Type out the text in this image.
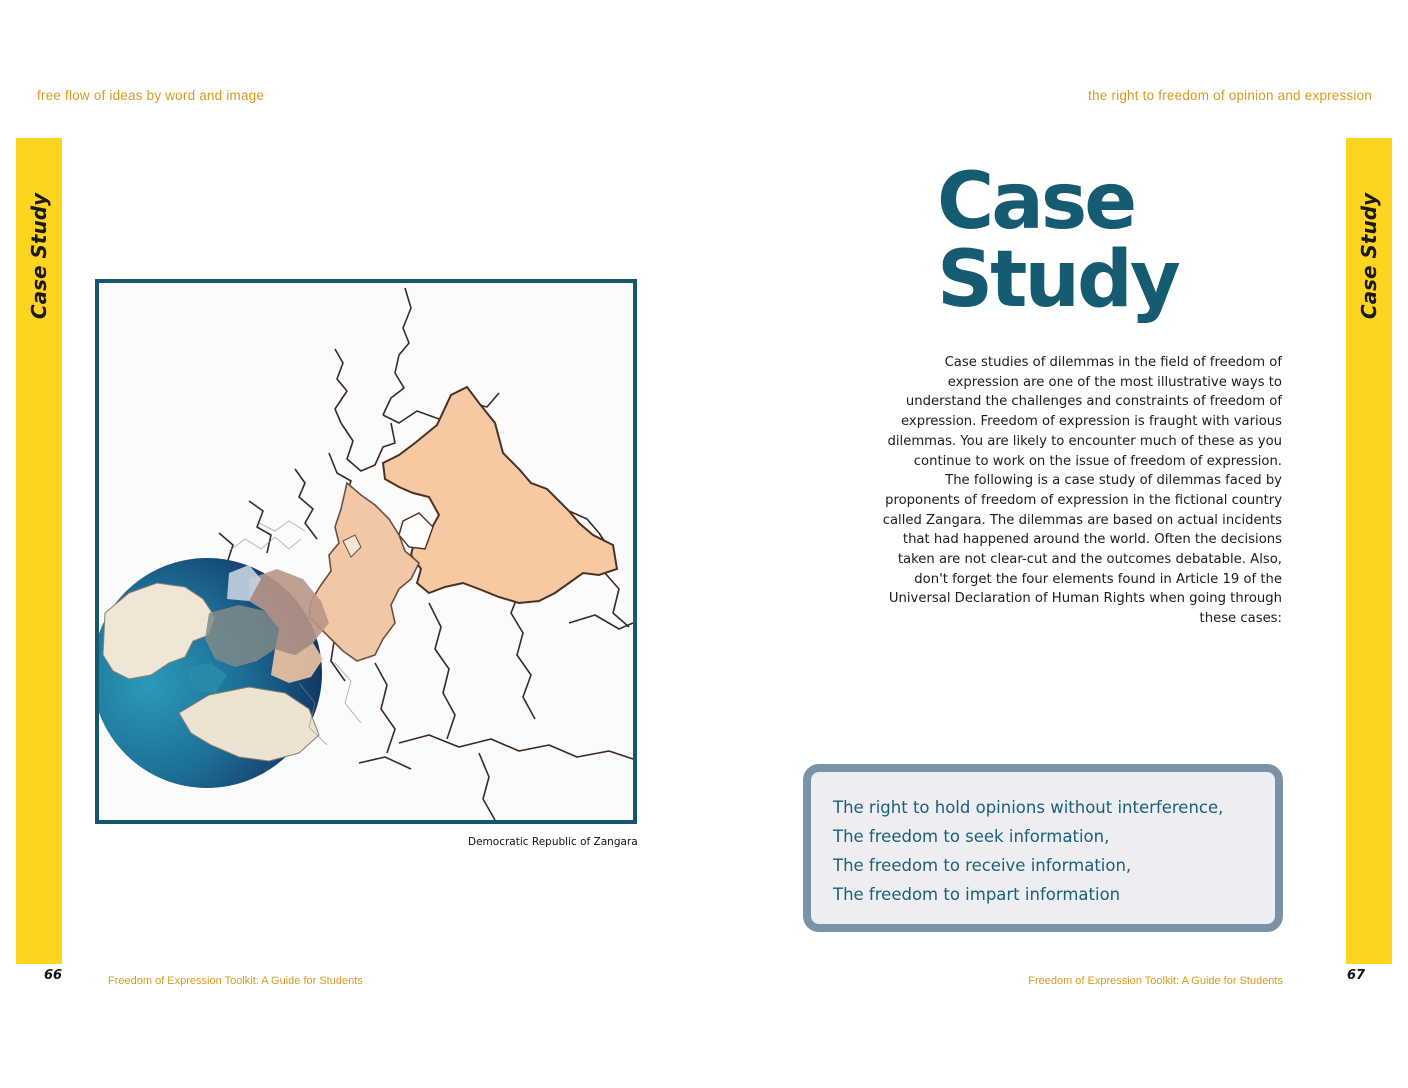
free flow of ideas by word and image	the right to freedom of opinion and expression
Case Study	Case Study
Democratic Republic of Zangara
Case
Study

Case studies of dilemmas in the field of freedom of expression are one of the most illustrative ways to understand the challenges and constraints of freedom of expression. Freedom of expression is fraught with various dilemmas. You are likely to encounter much of these as you continue to work on the issue of freedom of expression.

The following is a case study of dilemmas faced by proponents of freedom of expression in the fictional country called Zangara. The dilemmas are based on actual incidents that had happened around the world. Often the decisions taken are not clear-cut and the outcomes debatable. Also, don't forget the four elements found in Article 19 of the Universal Declaration of Human Rights when going through these cases:

The right to hold opinions without interference,
The freedom to seek information,
The freedom to receive information,
The freedom to impart information
66	67
Freedom of Expression Toolkit: A Guide for Students	Freedom of Expression Toolkit: A Guide for Students
